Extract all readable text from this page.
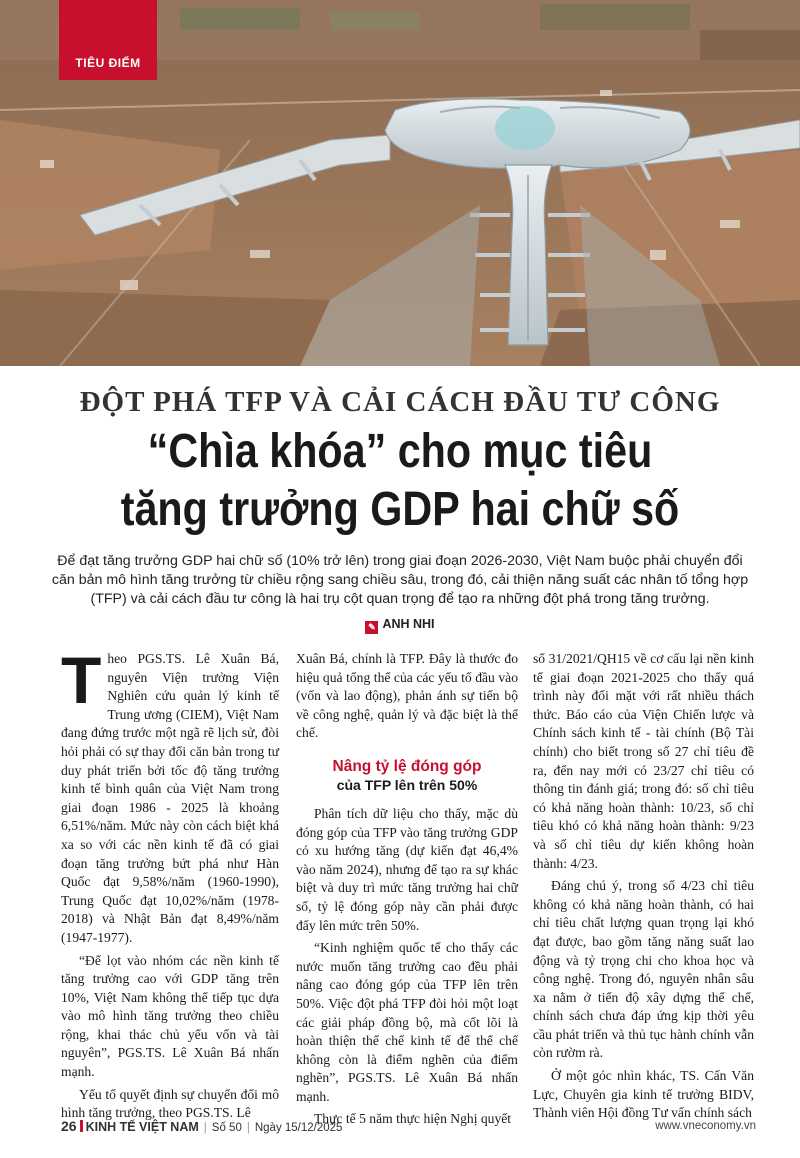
TIÊU ĐIỂM
ĐỘT PHÁ TFP VÀ CẢI CÁCH ĐẦU TƯ CÔNG
“Chìa khóa” cho mục tiêu
tăng trưởng GDP hai chữ số
Để đạt tăng trưởng GDP hai chữ số (10% trở lên) trong giai đoạn 2026-2030, Việt Nam buộc phải chuyển đổi căn bản mô hình tăng trưởng từ chiều rộng sang chiều sâu, trong đó, cải thiện năng suất các nhân tố tổng hợp (TFP) và cải cách đầu tư công là hai trụ cột quan trọng để tạo ra những đột phá trong tăng trưởng.
✎ ANH NHI

Theo PGS.TS. Lê Xuân Bá, nguyên Viện trưởng Viện Nghiên cứu quản lý kinh tế Trung ương (CIEM), Việt Nam đang đứng trước một ngã rẽ lịch sử, đòi hỏi phải có sự thay đổi căn bản trong tư duy phát triển bởi tốc độ tăng trưởng kinh tế bình quân của Việt Nam trong giai đoạn 1986 - 2025 là khoảng 6,51%/năm. Mức này còn cách biệt khá xa so với các nền kinh tế đã có giai đoạn tăng trưởng bứt phá như Hàn Quốc đạt 9,58%/năm (1960-1990), Trung Quốc đạt 10,02%/năm (1978-2018) và Nhật Bản đạt 8,49%/năm (1947-1977).

“Để lọt vào nhóm các nền kinh tế tăng trưởng cao với GDP tăng trên 10%, Việt Nam không thể tiếp tục dựa vào mô hình tăng trưởng theo chiều rộng, khai thác chủ yếu vốn và tài nguyên”, PGS.TS. Lê Xuân Bá nhấn mạnh.

Yếu tố quyết định sự chuyển đổi mô hình tăng trưởng, theo PGS.TS. Lê

Xuân Bá, chính là TFP. Đây là thước đo hiệu quả tổng thể của các yếu tố đầu vào (vốn và lao động), phản ánh sự tiến bộ về công nghệ, quản lý và đặc biệt là thể chế.

Nâng tỷ lệ đóng góp
của TFP lên trên 50%

Phân tích dữ liệu cho thấy, mặc dù đóng góp của TFP vào tăng trưởng GDP có xu hướng tăng (dự kiến đạt 46,4% vào năm 2024), nhưng để tạo ra sự khác biệt và duy trì mức tăng trưởng hai chữ số, tỷ lệ đóng góp này cần phải được đẩy lên mức trên 50%.

“Kinh nghiệm quốc tế cho thấy các nước muốn tăng trưởng cao đều phải nâng cao đóng góp của TFP lên trên 50%. Việc đột phá TFP đòi hỏi một loạt các giải pháp đồng bộ, mà cốt lõi là hoàn thiện thể chế kinh tế để thể chế không còn là điểm nghẽn của điểm nghẽn”, PGS.TS. Lê Xuân Bá nhấn mạnh.

Thực tế 5 năm thực hiện Nghị quyết

số 31/2021/QH15 về cơ cấu lại nền kinh tế giai đoạn 2021-2025 cho thấy quá trình này đối mặt với rất nhiều thách thức. Báo cáo của Viện Chiến lược và Chính sách kinh tế - tài chính (Bộ Tài chính) cho biết trong số 27 chỉ tiêu đề ra, đến nay mới có 23/27 chỉ tiêu có thông tin đánh giá; trong đó: số chỉ tiêu có khả năng hoàn thành: 10/23, số chỉ tiêu khó có khả năng hoàn thành: 9/23 và số chỉ tiêu dự kiến không hoàn thành: 4/23.

Đáng chú ý, trong số 4/23 chỉ tiêu không có khả năng hoàn thành, có hai chỉ tiêu chất lượng quan trọng lại khó đạt được, bao gồm tăng năng suất lao động và tỷ trọng chi cho khoa học và công nghệ. Trong đó, nguyên nhân sâu xa nằm ở tiến độ xây dựng thể chế, chính sách chưa đáp ứng kịp thời yêu cầu phát triển và thủ tục hành chính vẫn còn rườm rà.

Ở một góc nhìn khác, TS. Cấn Văn Lực, Chuyên gia kinh tế trưởng BIDV, Thành viên Hội đồng Tư vấn chính sách

26 KINH TẾ VIỆT NAM | Số 50 | Ngày 15/12/2025	www.vneconomy.vn
